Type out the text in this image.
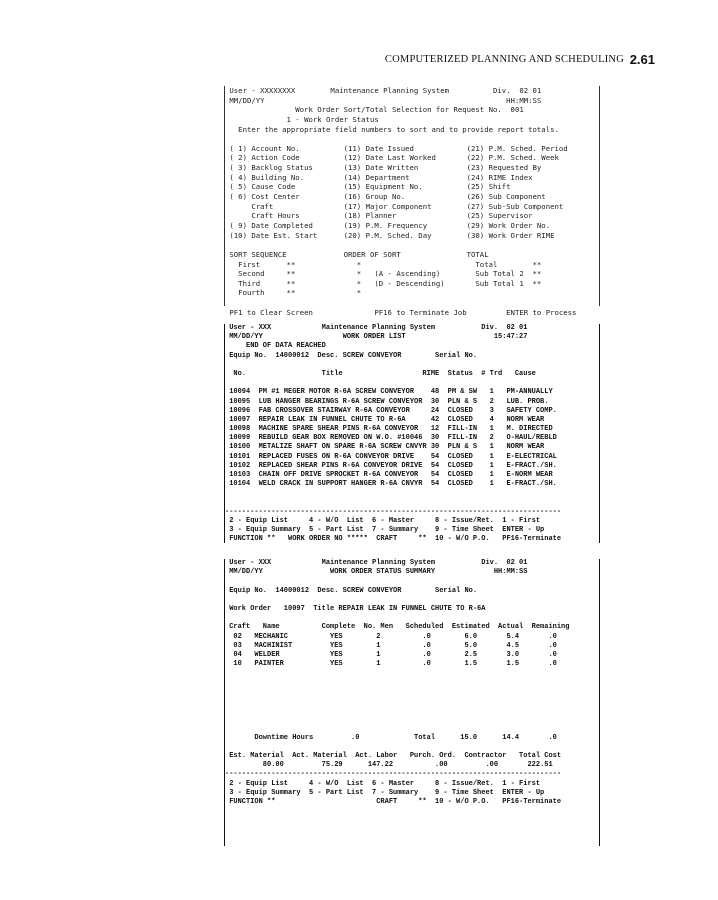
COMPUTERIZED PLANNING AND SCHEDULING 2.61
User - XXXXXXXX        Maintenance Planning System          Div.  02 01
MM/DD/YY                                                       HH:MM:SS
Work Order Sort/Total Selection for Request No.  001
1 - Work Order Status
Enter the appropriate field numbers to sort and to provide report totals.
( 1) Account No.          (11) Date Issued            (21) P.M. Sched. Period
( 2) Action Code          (12) Date Last Worked       (22) P.M. Sched. Week
( 3) Backlog Status       (13) Date Written           (23) Requested By
( 4) Building No.         (14) Department             (24) RIME Index
( 5) Cause Code           (15) Equipment No.          (25) Shift
( 6) Cost Center          (16) Group No.              (26) Sub Component
Craft                (17) Major Component        (27) Sub-Sub Component
Craft Hours          (18) Planner                (25) Supervisor
( 9) Date Completed       (19) P.M. Frequency         (29) Work Order No.
(10) Date Est. Start      (20) P.M. Sched. Day        (30) Work Order RIME
SORT SEQUENCE             ORDER OF SORT               TOTAL
First      **              *                          Total        **
Second     **              *   (A - Ascending)        Sub Total 2  **
Third      **              *   (D - Descending)       Sub Total 1  **
Fourth     **              *
PF1 to Clear Screen              PF16 to Terminate Job         ENTER to Process
User - XXX            Maintenance Planning System           Div.  02 01
MM/DD/YY                   WORK ORDER LIST                     15:47:27
END OF DATA REACHED
Equip No.  14000012  Desc. SCREW CONVEYOR        Serial No.
No.                  Title                   RIME  Status  # Trd   Cause
10094  PM #1 MEGER MOTOR R-6A SCREW CONVEYOR    48  PM & SW   1   PM-ANNUALLY
10095  LUB HANGER BEARINGS R-6A SCREW CONVEYOR  30  PLN & S   2   LUB. PROB.
10096  FAB CROSSOVER STAIRWAY R-6A CONVEYOR     24  CLOSED    3   SAFETY COMP.
10097  REPAIR LEAK IN FUNNEL CHUTE TO R-6A      42  CLOSED    4   NORM WEAR
10098  MACHINE SPARE SHEAR PINS R-6A CONVEYOR   12  FILL-IN   1   M. DIRECTED
10099  REBUILD GEAR BOX REMOVED ON W.O. #10046  30  FILL-IN   2   O-HAUL/REBLD
10100  METALIZE SHAFT ON SPARE R-6A SCREW CNVYR 30  PLN & S   1   NORM WEAR
10101  REPLACED FUSES ON R-6A CONVEYOR DRIVE    54  CLOSED    1   E-ELECTRICAL
10102  REPLACED SHEAR PINS R-6A CONVEYOR DRIVE  54  CLOSED    1   E-FRACT./SH.
10103  CHAIN OFF DRIVE SPROCKET R-6A CONVEYOR   54  CLOSED    1   E-NORM WEAR
10104  WELD CRACK IN SUPPORT HANGER R-6A CNVYR  54  CLOSED    1   E-FRACT./SH.
--------------------------------------------------------------------------------
2 - Equip List     4 - W/O  List  6 - Master     8 - Issue/Ret.  1 - First
3 - Equip Summary  5 - Part List  7 - Summary    9 - Time Sheet  ENTER - Up
FUNCTION **   WORK ORDER NO *****  CRAFT     **  10 - W/O P.O.   PF16-Terminate
User - XXX            Maintenance Planning System           Div.  02 01
MM/DD/YY                WORK ORDER STATUS SUMMARY              HH:MM:SS
Equip No.  14000012  Desc. SCREW CONVEYOR        Serial No.
Work Order   10097  Title REPAIR LEAK IN FUNNEL CHUTE TO R-6A
Craft   Name          Complete  No. Men   Scheduled  Estimated  Actual  Remaining
02   MECHANIC          YES        2          .0        6.0       5.4       .0
03   MACHINIST         YES        1          .0        5.0       4.5       .0
04   WELDER            YES        1          .0        2.5       3.0       .0
10   PAINTER           YES        1          .0        1.5       1.5       .0
Downtime Hours         .0             Total      15.0      14.4       .0
Est. Material  Act. Material  Act. Labor   Purch. Ord.  Contractor   Total Cost
80.00         75.29      147.22          .00         .00       222.51
--------------------------------------------------------------------------------
2 - Equip List     4 - W/O  List  6 - Master     8 - Issue/Ret.  1 - First
3 - Equip Summary  5 - Part List  7 - Summary    9 - Time Sheet  ENTER - Up
FUNCTION **                        CRAFT     **  10 - W/O P.O.   PF16-Terminate
